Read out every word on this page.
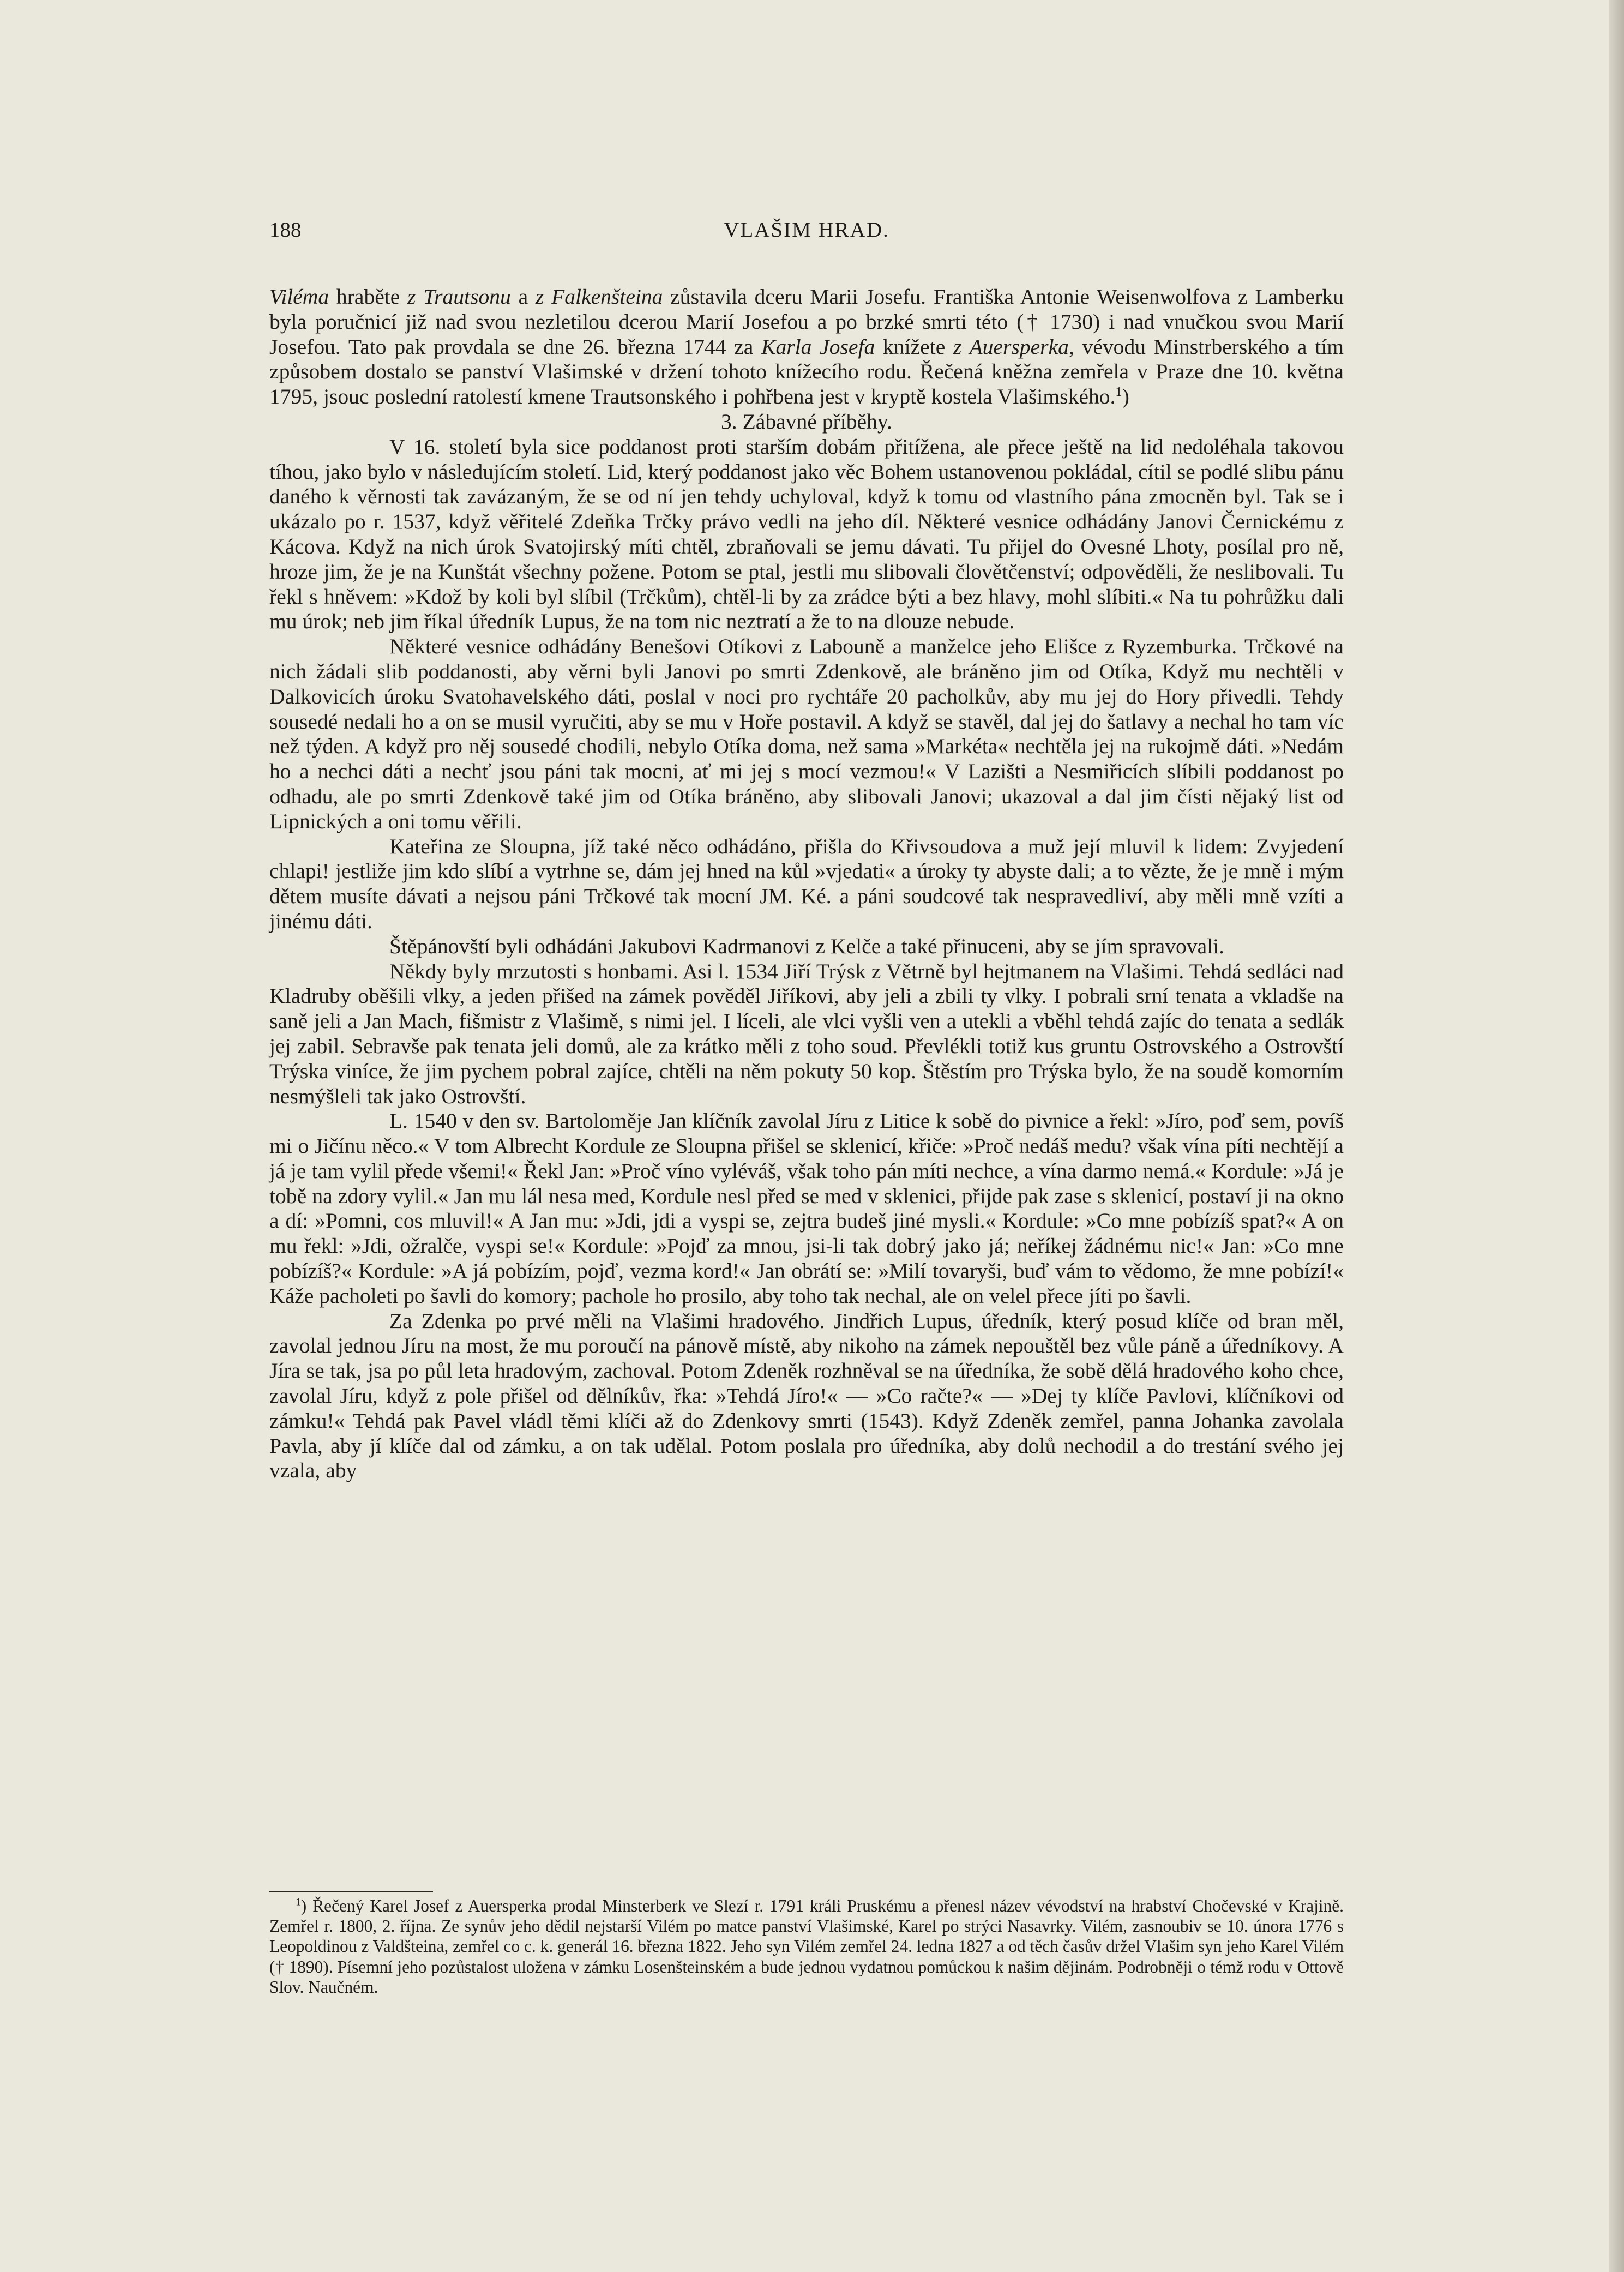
188	VLAŠIM HRAD.

Viléma hraběte z Trautsonu a z Falkenšteina zůstavila dceru Marii Josefu. Františka Antonie Weisenwolfova z Lamberku byla poručnicí již nad svou nezletilou dcerou Marií Josefou a po brzké smrti této († 1730) i nad vnučkou svou Marií Josefou. Tato pak provdala se dne 26. března 1744 za Karla Josefa knížete z Auersperka, vévodu Minstrberského a tím způsobem dostalo se panství Vlašimské v držení tohoto knížecího rodu. Řečená kněžna zemřela v Praze dne 10. května 1795, jsouc poslední ratolestí kmene Trautsonského i pohřbena jest v kryptě kostela Vlašimského.$^1$)

3. Zábavné příběhy.

V 16. století byla sice poddanost proti starším dobám přitížena, ale přece ještě na lid nedoléhala takovou tíhou, jako bylo v následujícím století. Lid, který poddanost jako věc Bohem ustanovenou pokládal, cítil se podlé slibu pánu daného k věrnosti tak zavázaným, že se od ní jen tehdy uchyloval, když k tomu od vlastního pána zmocněn byl. Tak se i ukázalo po r. 1537, když věřitelé Zdeňka Trčky právo vedli na jeho díl. Některé vesnice odhádány Janovi Černickému z Kácova. Když na nich úrok Svatojirský míti chtěl, zbraňovali se jemu dávati. Tu přijel do Ovesné Lhoty, posílal pro ně, hroze jim, že je na Kunštát všechny požene. Potom se ptal, jestli mu slibovali človětčenství; odpověděli, že neslibovali. Tu řekl s hněvem: »Kdož by koli byl slíbil (Trčkům), chtěl-li by za zrádce býti a bez hlavy, mohl slíbiti.« Na tu pohrůžku dali mu úrok; neb jim říkal úředník Lupus, že na tom nic neztratí a že to na dlouze nebude.

Některé vesnice odhádány Benešovi Otíkovi z Labouně a manželce jeho Elišce z Ryzemburka. Trčkové na nich žádali slib poddanosti, aby věrni byli Janovi po smrti Zdenkově, ale bráněno jim od Otíka, Když mu nechtěli v Dalkovicích úroku Svatohavelského dáti, poslal v noci pro rychtáře 20 pacholkův, aby mu jej do Hory přivedli. Tehdy sousedé nedali ho a on se musil vyručiti, aby se mu v Hoře postavil. A když se stavěl, dal jej do šatlavy a nechal ho tam víc než týden. A když pro něj sousedé chodili, nebylo Otíka doma, než sama »Markéta« nechtěla jej na rukojmě dáti. »Nedám ho a nechci dáti a nechť jsou páni tak mocni, ať mi jej s mocí vezmou!« V Lazišti a Nesmiřicích slíbili poddanost po odhadu, ale po smrti Zdenkově také jim od Otíka bráněno, aby slibovali Janovi; ukazoval a dal jim čísti nějaký list od Lipnických a oni tomu věřili.

Kateřina ze Sloupna, jíž také něco odhádáno, přišla do Křivsoudova a muž její mluvil k lidem: Zvyjedení chlapi! jestliže jim kdo slíbí a vytrhne se, dám jej hned na kůl »vjedati« a úroky ty abyste dali; a to vězte, že je mně i mým dětem musíte dávati a nejsou páni Trčkové tak mocní JM. Ké. a páni soudcové tak nespravedliví, aby měli mně vzíti a jinému dáti.

Štěpánovští byli odhádáni Jakubovi Kadrmanovi z Kelče a také přinuceni, aby se jím spravovali.

Někdy byly mrzutosti s honbami. Asi l. 1534 Jiří Trýsk z Větrně byl hejtmanem na Vlašimi. Tehdá sedláci nad Kladruby oběšili vlky, a jeden přišed na zámek pověděl Jiříkovi, aby jeli a zbili ty vlky. I pobrali srní tenata a vkladše na saně jeli a Jan Mach, fišmistr z Vlašimě, s nimi jel. I líceli, ale vlci vyšli ven a utekli a vběhl tehdá zajíc do tenata a sedlák jej zabil. Sebravše pak tenata jeli domů, ale za krátko měli z toho soud. Převlékli totiž kus gruntu Ostrovského a Ostrovští Trýska viníce, že jim pychem pobral zajíce, chtěli na něm pokuty 50 kop. Štěstím pro Trýska bylo, že na soudě komorním nesmýšleli tak jako Ostrovští.

L. 1540 v den sv. Bartoloměje Jan klíčník zavolal Jíru z Litice k sobě do pivnice a řekl: »Jíro, poď sem, povíš mi o Jičínu něco.« V tom Albrecht Kordule ze Sloupna přišel se sklenicí, křiče: »Proč nedáš medu? však vína píti nechtějí a já je tam vylil přede všemi!« Řekl Jan: »Proč víno vyléváš, však toho pán míti nechce, a vína darmo nemá.« Kordule: »Já je tobě na zdory vylil.« Jan mu lál nesa med, Kordule nesl před se med v sklenici, přijde pak zase s sklenicí, postaví ji na okno a dí: »Pomni, cos mluvil!« A Jan mu: »Jdi, jdi a vyspi se, zejtra budeš jiné mysli.« Kordule: »Co mne pobízíš spat?« A on mu řekl: »Jdi, ožralče, vyspi se!« Kordule: »Pojď za mnou, jsi-li tak dobrý jako já; neříkej žádnému nic!« Jan: »Co mne pobízíš?« Kordule: »A já pobízím, pojď, vezma kord!« Jan obrátí se: »Milí tovaryši, buď vám to vědomo, že mne pobízí!« Káže pacholeti po šavli do komory; pachole ho prosilo, aby toho tak nechal, ale on velel přece jíti po šavli.

Za Zdenka po prvé měli na Vlašimi hradového. Jindřich Lupus, úředník, který posud klíče od bran měl, zavolal jednou Jíru na most, že mu poroučí na pánově místě, aby nikoho na zámek nepouštěl bez vůle páně a úředníkovy. A Jíra se tak, jsa po půl leta hradovým, zachoval. Potom Zdeněk rozhněval se na úředníka, že sobě dělá hradového koho chce, zavolal Jíru, když z pole přišel od dělníkův, řka: »Tehdá Jíro!« — »Co račte?« — »Dej ty klíče Pavlovi, klíčníkovi od zámku!« Tehdá pak Pavel vládl těmi klíči až do Zdenkovy smrti (1543). Když Zdeněk zemřel, panna Johanka zavolala Pavla, aby jí klíče dal od zámku, a on tak udělal. Potom poslala pro úředníka, aby dolů nechodil a do trestání svého jej vzala, aby

$^1$) Řečený Karel Josef z Auersperka prodal Minsterberk ve Slezí r. 1791 králi Pruskému a přenesl název vévodství na hrabství Chočevské v Krajině. Zemřel r. 1800, 2. října. Ze synův jeho dědil nejstarší Vilém po matce panství Vlašimské, Karel po strýci Nasavrky. Vilém, zasnoubiv se 10. února 1776 s Leopoldinou z Valdšteina, zemřel co c. k. generál 16. března 1822. Jeho syn Vilém zemřel 24. ledna 1827 a od těch časův držel Vlašim syn jeho Karel Vilém († 1890). Písemní jeho pozůstalost uložena v zámku Losenšteinském a bude jednou vydatnou pomůckou k našim dějinám. Podrobněji o témž rodu v Ottově Slov. Naučném.
